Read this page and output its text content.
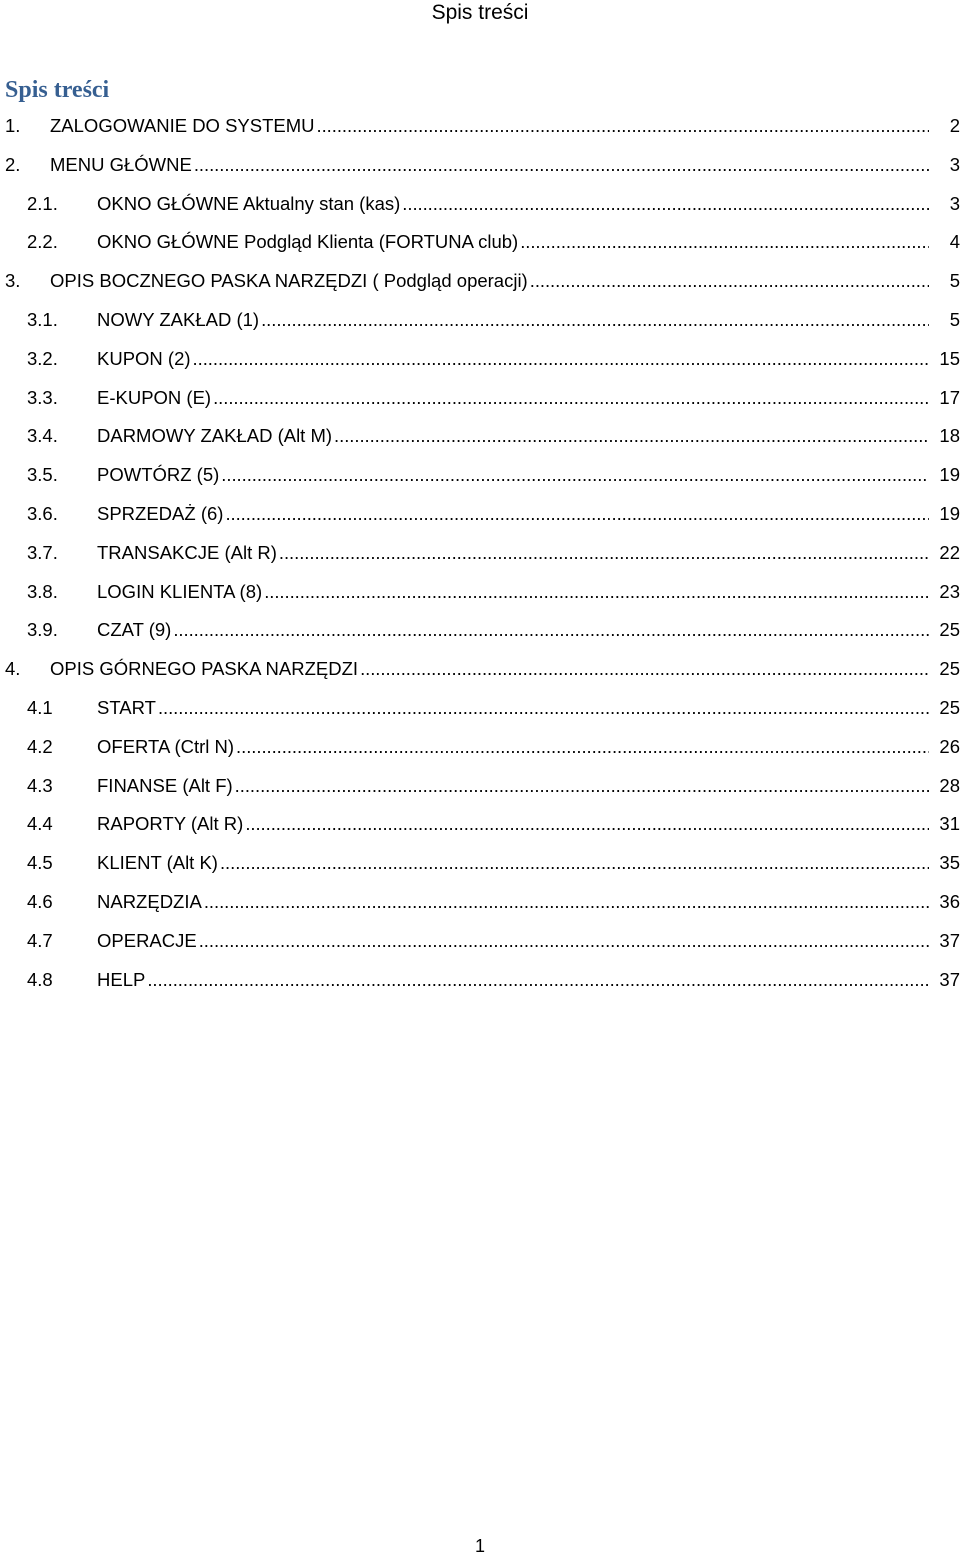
Spis treści
Spis treści
1. ZALOGOWANIE DO SYSTEMU . . .	2
2. MENU GŁÓWNE . . .	3
2.1. OKNO GŁÓWNE Aktualny stan (kas) . . .	3
2.2. OKNO GŁÓWNE Podgląd Klienta (FORTUNA club) . . .	4
3. OPIS BOCZNEGO PASKA NARZĘDZI ( Podgląd operacji) . . .	5
3.1. NOWY ZAKŁAD (1) . . .	5
3.2. KUPON (2) . . .	15
3.3. E-KUPON (E) . . .	17
3.4. DARMOWY ZAKŁAD (Alt M) . . .	18
3.5. POWTÓRZ (5) . . .	19
3.6. SPRZEDAŻ (6) . . .	19
3.7. TRANSAKCJE (Alt R) . . .	22
3.8. LOGIN KLIENTA (8) . . .	23
3.9. CZAT (9) . . .	25
4. OPIS GÓRNEGO PASKA NARZĘDZI . . .	25
4.1 START . . .	25
4.2 OFERTA (Ctrl N) . . .	26
4.3 FINANSE (Alt F) . . .	28
4.4 RAPORTY (Alt R) . . .	31
4.5 KLIENT (Alt K) . . .	35
4.6 NARZĘDZIA . . .	36
4.7 OPERACJE . . .	37
4.8 HELP . . .	37
1
